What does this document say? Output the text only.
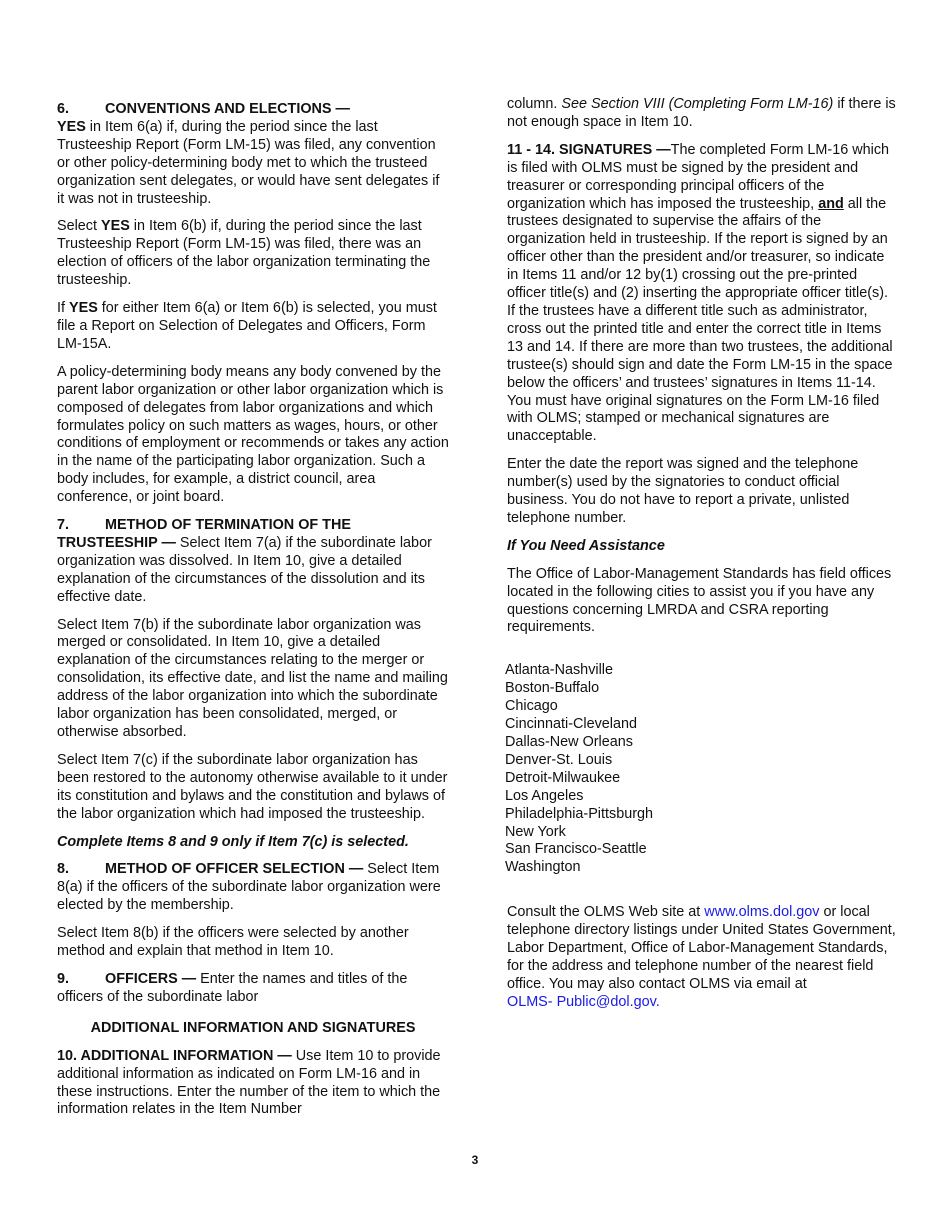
6. CONVENTIONS AND ELECTIONS —
YES in Item 6(a) if, during the period since the last Trusteeship Report (Form LM-15) was filed, any convention or other policy-determining body met to which the trusteed organization sent delegates, or would have sent delegates if it was not in trusteeship.

Select YES in Item 6(b) if, during the period since the last Trusteeship Report (Form LM-15) was filed, there was an election of officers of the labor organization terminating the trusteeship.

If YES for either Item 6(a) or Item 6(b) is selected, you must file a Report on Selection of Delegates and Officers, Form LM-15A.

A policy-determining body means any body convened by the parent labor organization or other labor organization which is composed of delegates from labor organizations and which formulates policy on such matters as wages, hours, or other conditions of employment or recommends or takes any action in the name of the participating labor organization. Such a body includes, for example, a district council, area conference, or joint board.

7. METHOD OF TERMINATION OF THE TRUSTEESHIP — Select Item 7(a) if the subordinate labor organization was dissolved. In Item 10, give a detailed explanation of the circumstances of the dissolution and its effective date.

Select Item 7(b) if the subordinate labor organization was merged or consolidated. In Item 10, give a detailed explanation of the circumstances relating to the merger or consolidation, its effective date, and list the name and mailing address of the labor organization into which the subordinate labor organization has been consolidated, merged, or otherwise absorbed.

Select Item 7(c) if the subordinate labor organization has been restored to the autonomy otherwise available to it under its constitution and bylaws and the constitution and bylaws of the labor organization which had imposed the trusteeship.

Complete Items 8 and 9 only if Item 7(c) is selected.

8. METHOD OF OFFICER SELECTION — Select Item 8(a) if the officers of the subordinate labor organization were elected by the membership.

Select Item 8(b) if the officers were selected by another method and explain that method in Item 10.

9. OFFICERS — Enter the names and titles of the officers of the subordinate labor

ADDITIONAL INFORMATION AND SIGNATURES

10. ADDITIONAL INFORMATION — Use Item 10 to provide additional information as indicated on Form LM-16 and in these instructions. Enter the number of the item to which the information relates in the Item Number

column. See Section VIII (Completing Form LM-16) if there is not enough space in Item 10.

11 - 14. SIGNATURES —The completed Form LM-16 which is filed with OLMS must be signed by the president and treasurer or corresponding principal officers of the organization which has imposed the trusteeship, and all the trustees designated to supervise the affairs of the organization held in trusteeship. If the report is signed by an officer other than the president and/or treasurer, so indicate in Items 11 and/or 12 by(1) crossing out the pre-printed officer title(s) and (2) inserting the appropriate officer title(s). If the trustees have a different title such as administrator, cross out the printed title and enter the correct title in Items 13 and 14. If there are more than two trustees, the additional trustee(s) should sign and date the Form LM-15 in the space below the officers’ and trustees’ signatures in Items 11-14. You must have original signatures on the Form LM-16 filed with OLMS; stamped or mechanical signatures are unacceptable.

Enter the date the report was signed and the telephone number(s) used by the signatories to conduct official business. You do not have to report a private, unlisted telephone number.

If You Need Assistance

The Office of Labor-Management Standards has field offices located in the following cities to assist you if you have any questions concerning LMRDA and CSRA reporting requirements.

Atlanta-Nashville
Boston-Buffalo
Chicago
Cincinnati-Cleveland
Dallas-New Orleans
Denver-St. Louis
Detroit-Milwaukee
Los Angeles
Philadelphia-Pittsburgh
New York
San Francisco-Seattle
Washington

Consult the OLMS Web site at www.olms.dol.gov or local telephone directory listings under United States Government, Labor Department, Office of Labor-Management Standards, for the address and telephone number of the nearest field office. You may also contact OLMS via email at
OLMS- Public@dol.gov.

3
